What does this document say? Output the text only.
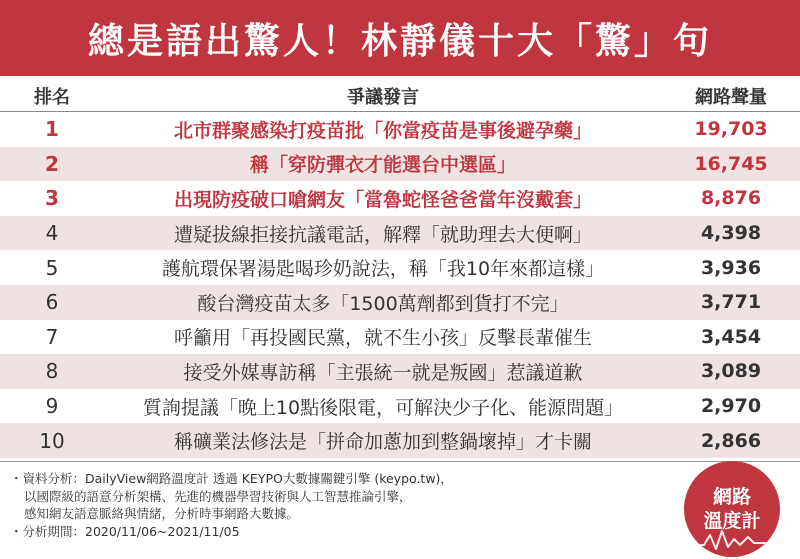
總是語出驚人！林靜儀十大「驚」句
排名	爭議發言	網路聲量
1	北市群聚感染打疫苗批「你當疫苗是事後避孕藥」	19,703
2	稱「穿防彈衣才能選台中選區」	16,745
3	出現防疫破口嗆網友「當魯蛇怪爸爸當年沒戴套」	8,876
4	遭疑拔線拒接抗議電話，解釋「就助理去大便啊」	4,398
5	護航環保署湯匙喝珍奶說法，稱「我10年來都這樣」	3,936
6	酸台灣疫苗太多「1500萬劑都到貨打不完」	3,771
7	呼籲用「再投國民黨，就不生小孩」反擊長輩催生	3,454
8	接受外媒專訪稱「主張統一就是叛國」惹議道歉	3,089
9	質詢提議「晚上10點後限電，可解決少子化、能源問題」	2,970
10	稱礦業法修法是「拼命加蔥加到整鍋壞掉」才卡關	2,866
・資料分析：DailyView網路溫度計 透過 KEYPO大數據關鍵引擎 (keypo.tw)，
以國際級的語意分析架構、先進的機器學習技術與人工智慧推論引擎，
感知網友語意脈絡與情緒，分析時事網路大數據。
・分析期間：2020/11/06~2021/11/05
網路
溫度計
